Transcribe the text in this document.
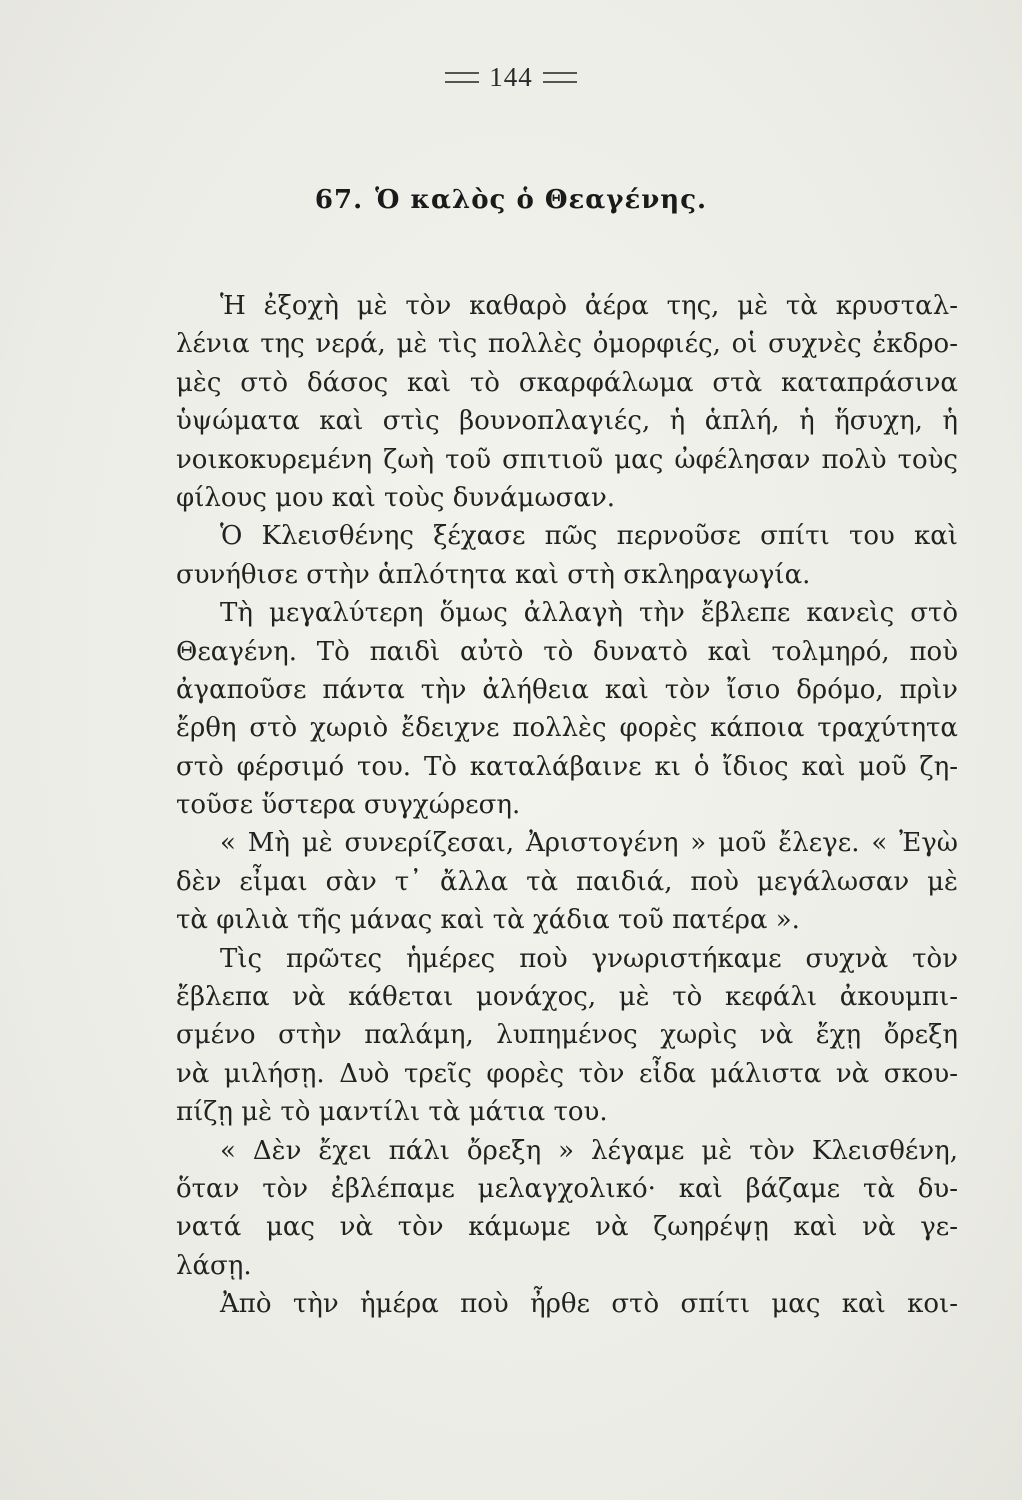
144
67. Ὁ καλὸς ὁ Θεαγένης.
Ἡ ἐξοχὴ μὲ τὸν καθαρὸ ἀέρα της, μὲ τὰ κρυσταλ-
λένια της νερά, μὲ τὶς πολλὲς ὀμορφιές, οἱ συχνὲς ἐκδρο-
μὲς στὸ δάσος καὶ τὸ σκαρφάλωμα στὰ καταπράσινα
ὑψώματα καὶ στὶς βουνοπλαγιές, ἡ ἁπλή, ἡ ἥσυχη, ἡ
νοικοκυρεμένη ζωὴ τοῦ σπιτιοῦ μας ὠφέλησαν πολὺ τοὺς
φίλους μου καὶ τοὺς δυνάμωσαν.
Ὁ Κλεισθένης ξέχασε πῶς περνοῦσε σπίτι του καὶ
συνήθισε στὴν ἁπλότητα καὶ στὴ σκληραγωγία.
Τὴ μεγαλύτερη ὅμως ἀλλαγὴ τὴν ἔβλεπε κανεὶς στὸ
Θεαγένη. Τὸ παιδὶ αὐτὸ τὸ δυνατὸ καὶ τολμηρό, ποὺ
ἀγαποῦσε πάντα τὴν ἀλήθεια καὶ τὸν ἴσιο δρόμο, πρὶν
ἔρθη στὸ χωριὸ ἔδειχνε πολλὲς φορὲς κάποια τραχύτητα
στὸ φέρσιμό του. Τὸ καταλάβαινε κι ὁ ἴδιος καὶ μοῦ ζη-
τοῦσε ὕστερα συγχώρεση.
« Μὴ μὲ συνερίζεσαι, Ἀριστογένη » μοῦ ἔλεγε. « Ἐγὼ
δὲν εἶμαι σὰν τ᾽ ἄλλα τὰ παιδιά, ποὺ μεγάλωσαν μὲ
τὰ φιλιὰ τῆς μάνας καὶ τὰ χάδια τοῦ πατέρα ».
Τὶς πρῶτες ἡμέρες ποὺ γνωριστήκαμε συχνὰ τὸν
ἔβλεπα νὰ κάθεται μονάχος, μὲ τὸ κεφάλι ἀκουμπι-
σμένο στὴν παλάμη, λυπημένος χωρὶς νὰ ἔχῃ ὄρεξη
νὰ μιλήσῃ. Δυὸ τρεῖς φορὲς τὸν εἶδα μάλιστα νὰ σκου-
πίζῃ μὲ τὸ μαντίλι τὰ μάτια του.
« Δὲν ἔχει πάλι ὄρεξη » λέγαμε μὲ τὸν Κλεισθένη,
ὅταν τὸν ἐβλέπαμε μελαγχολικό· καὶ βάζαμε τὰ δυ-
νατά μας νὰ τὸν κάμωμε νὰ ζωηρέψῃ καὶ νὰ γε-
λάσῃ.
Ἀπὸ τὴν ἡμέρα ποὺ ἦρθε στὸ σπίτι μας καὶ κοι-
